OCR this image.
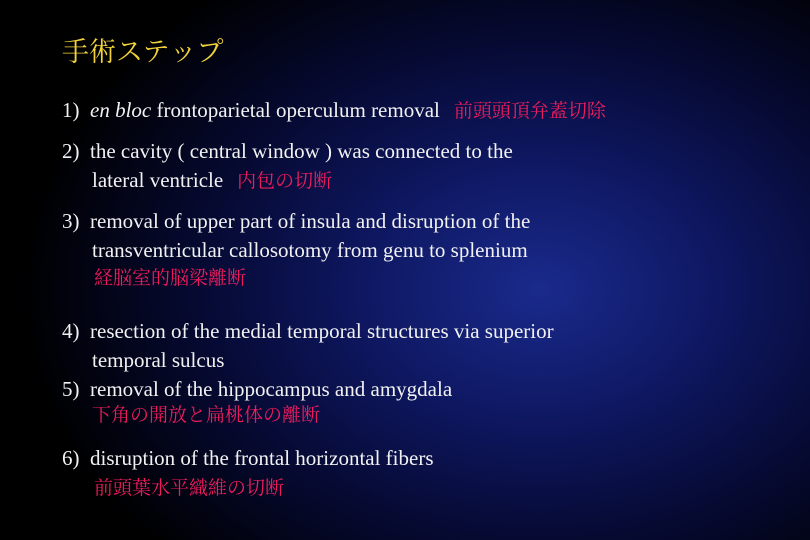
手術ステップ
1) en bloc frontoparietal operculum removal 前頭頭頂弁蓋切除
2) the cavity ( central window ) was connected to the
lateral ventricle 内包の切断
3) removal of upper part of insula and disruption of the
transventricular callosotomy from genu to splenium
経脳室的脳梁離断
4) resection of the medial temporal structures via superior
temporal sulcus
5) removal of the hippocampus and amygdala
下角の開放と扁桃体の離断
6) disruption of the frontal horizontal fibers
前頭葉水平織維の切断
